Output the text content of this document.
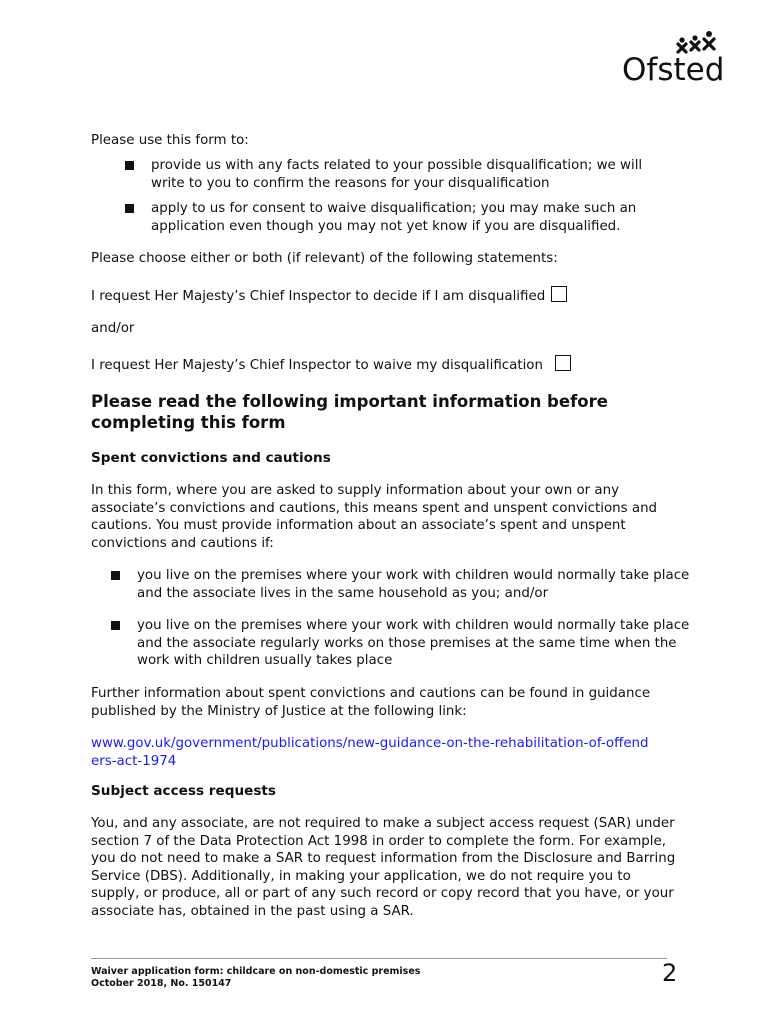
Ofsted

Please use this form to:

provide us with any facts related to your possible disqualification; we will write to you to confirm the reasons for your disqualification
apply to us for consent to waive disqualification; you may make such an application even though you may not yet know if you are disqualified.

Please choose either or both (if relevant) of the following statements:

I request Her Majesty’s Chief Inspector to decide if I am disqualified

and/or

I request Her Majesty’s Chief Inspector to waive my disqualification

Please read the following important information before completing this form

Spent convictions and cautions

In this form, where you are asked to supply information about your own or any associate’s convictions and cautions, this means spent and unspent convictions and cautions. You must provide information about an associate’s spent and unspent convictions and cautions if:

you live on the premises where your work with children would normally take place and the associate lives in the same household as you; and/or
you live on the premises where your work with children would normally take place and the associate regularly works on those premises at the same time when the work with children usually takes place

Further information about spent convictions and cautions can be found in guidance published by the Ministry of Justice at the following link:

www.gov.uk/government/publications/new-guidance-on-the-rehabilitation-of-offenders-act-1974

Subject access requests

You, and any associate, are not required to make a subject access request (SAR) under section 7 of the Data Protection Act 1998 in order to complete the form. For example, you do not need to make a SAR to request information from the Disclosure and Barring Service (DBS). Additionally, in making your application, we do not require you to supply, or produce, all or part of any such record or copy record that you have, or your associate has, obtained in the past using a SAR.

Waiver application form: childcare on non-domestic premises
October 2018, No. 150147	2
